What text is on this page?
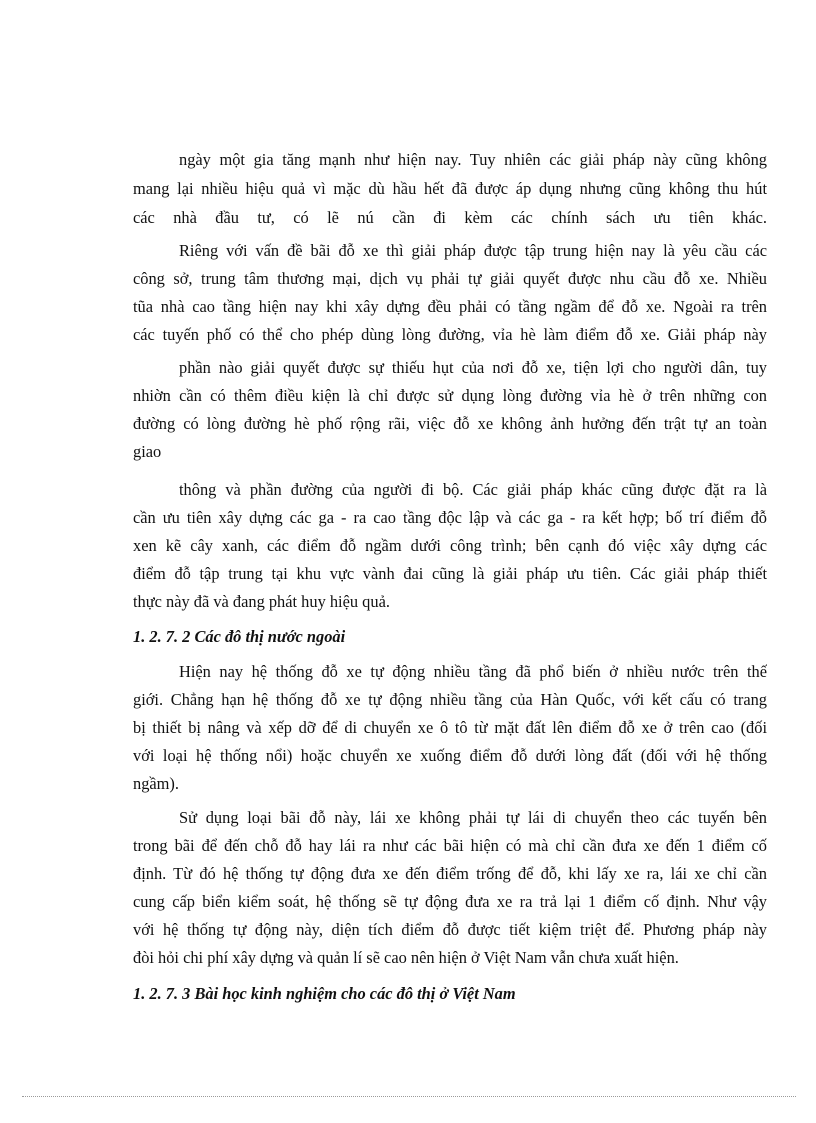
ngày một gia tăng mạnh như hiện nay. Tuy nhiên các giải pháp này cũng không
mang lại nhiều hiệu quả vì mặc dù hầu hết đã được áp dụng nhưng cũng không thu hút
các nhà đầu tư, có lẽ nú cần đi kèm các chính sách ưu tiên khác.
Riêng với vấn đề bãi đỗ xe thì giải pháp được tập trung hiện nay là yêu cầu các
công sở, trung tâm thương mại, dịch vụ phải tự giải quyết được nhu cầu đỗ xe. Nhiều
tũa nhà cao tầng hiện nay khi xây dựng đều phải có tầng ngầm để đỗ xe. Ngoài ra trên
các tuyến phố có thể cho phép dùng lòng đường, vỉa hè làm điểm đỗ xe. Giải pháp này
phần nào giải quyết được sự thiếu hụt của nơi đỗ xe, tiện lợi cho người dân, tuy
nhiờn cần có thêm điều kiện là chỉ được sử dụng lòng đường vỉa hè ở trên những con
đường có lòng đường hè phố rộng rãi, việc đỗ xe không ảnh hưởng đến trật tự an toàn
giao
thông và phần đường của người đi bộ. Các giải pháp khác cũng được đặt ra là
cần ưu tiên xây dựng các ga - ra cao tầng độc lập và các ga - ra kết hợp; bố trí điểm đỗ
xen kẽ cây xanh, các điểm đỗ ngầm dưới công trình; bên cạnh đó việc xây dựng các
điểm đỗ tập trung tại khu vực vành đai cũng là giải pháp ưu tiên. Các giải pháp thiết
thực này đã và đang phát huy hiệu quả.
1. 2. 7. 2 Các đô thị nước ngoài
Hiện nay hệ thống đỗ xe tự động nhiều tầng đã phổ biến ở nhiều nước trên thế
giới. Chẳng hạn hệ thống đỗ xe tự động nhiều tầng của Hàn Quốc, với kết cấu có trang
bị thiết bị nâng và xếp dỡ để di chuyển xe ô tô từ mặt đất lên điểm đỗ xe ở trên cao (đối
với loại hệ thống nổi) hoặc chuyển xe xuống điểm đỗ dưới lòng đất (đối với hệ thống
ngầm).
Sử dụng loại bãi đỗ này, lái xe không phải tự lái di chuyển theo các tuyến bên
trong bãi để đến chỗ đỗ hay lái ra như các bãi hiện có mà chỉ cần đưa xe đến 1 điểm cố
định. Từ đó hệ thống tự động đưa xe đến điểm trống để đỗ, khi lấy xe ra, lái xe chỉ cần
cung cấp biển kiểm soát, hệ thống sẽ tự động đưa xe ra trả lại 1 điểm cố định. Như vậy
với hệ thống tự động này, diện tích điểm đỗ được tiết kiệm triệt để. Phương pháp này
đòi hỏi chi phí xây dựng và quản lí sẽ cao nên hiện ở Việt Nam vẫn chưa xuất hiện.
1. 2. 7. 3 Bài học kinh nghiệm cho các đô thị ở Việt Nam
